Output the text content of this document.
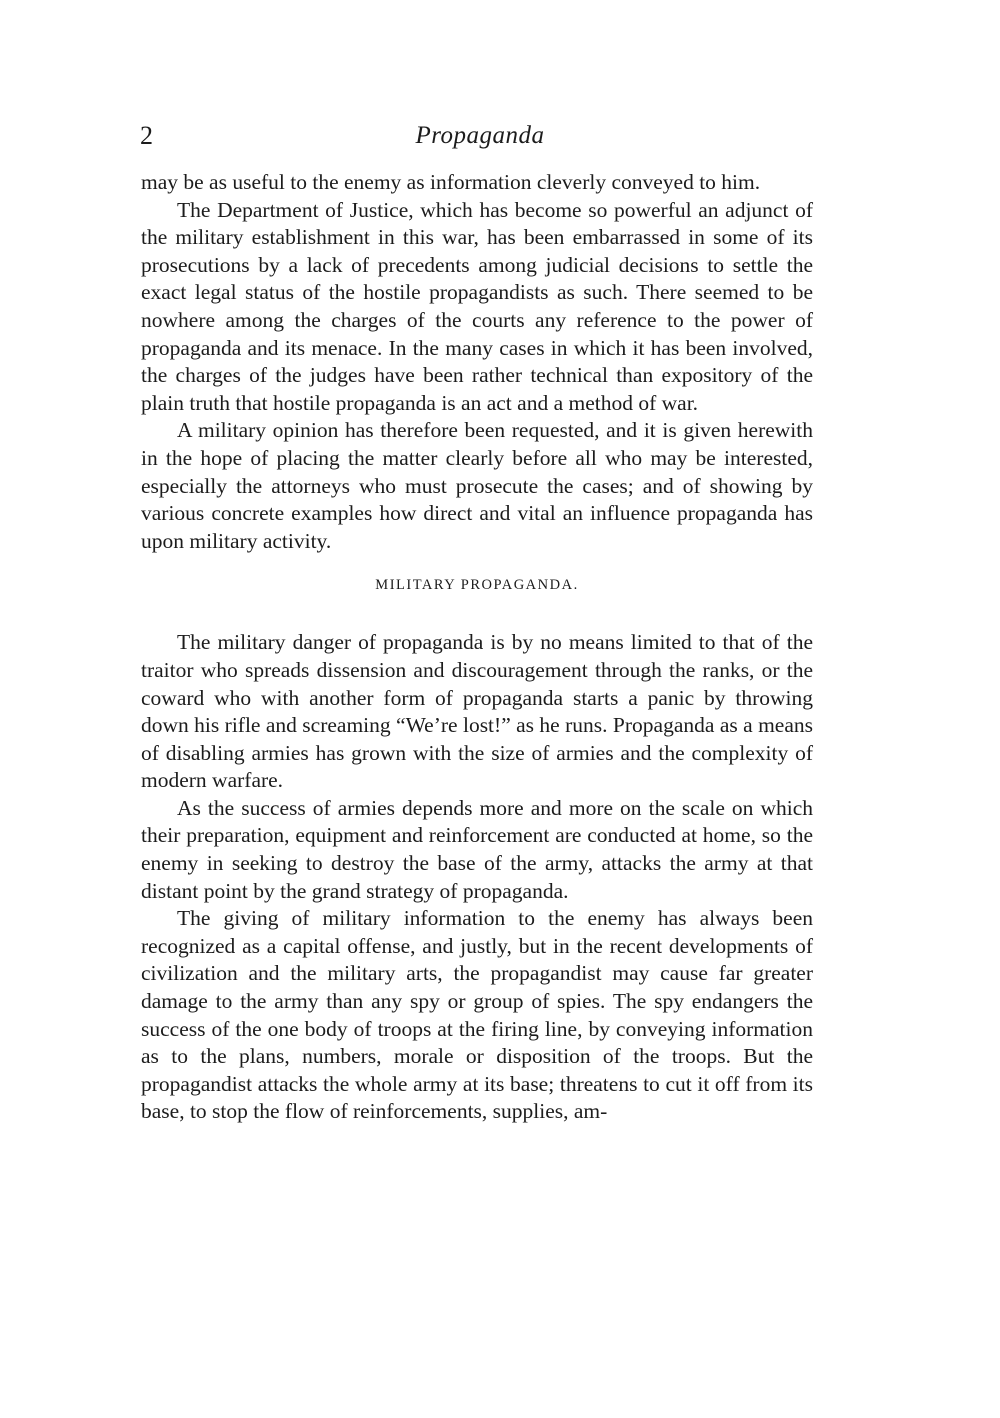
2	Propaganda

may be as useful to the enemy as information cleverly conveyed to him.

The Department of Justice, which has become so powerful an adjunct of the military establishment in this war, has been embarrassed in some of its prosecutions by a lack of precedents among judicial decisions to settle the exact legal status of the hostile propagandists as such. There seemed to be nowhere among the charges of the courts any reference to the power of propaganda and its menace. In the many cases in which it has been involved, the charges of the judges have been rather technical than expository of the plain truth that hostile propaganda is an act and a method of war.

A military opinion has therefore been requested, and it is given herewith in the hope of placing the matter clearly before all who may be interested, especially the attorneys who must prosecute the cases; and of showing by various concrete examples how direct and vital an influence propaganda has upon military activity.

MILITARY PROPAGANDA.

The military danger of propaganda is by no means limited to that of the traitor who spreads dissension and discouragement through the ranks, or the coward who with another form of propaganda starts a panic by throwing down his rifle and screaming “We’re lost!” as he runs. Propaganda as a means of disabling armies has grown with the size of armies and the complexity of modern warfare.

As the success of armies depends more and more on the scale on which their preparation, equipment and reinforcement are conducted at home, so the enemy in seeking to destroy the base of the army, attacks the army at that distant point by the grand strategy of propaganda.

The giving of military information to the enemy has always been recognized as a capital offense, and justly, but in the recent developments of civilization and the military arts, the propagandist may cause far greater damage to the army than any spy or group of spies. The spy endangers the success of the one body of troops at the firing line, by conveying information as to the plans, numbers, morale or disposition of the troops. But the propagandist attacks the whole army at its base; threatens to cut it off from its base, to stop the flow of reinforcements, supplies, am-
